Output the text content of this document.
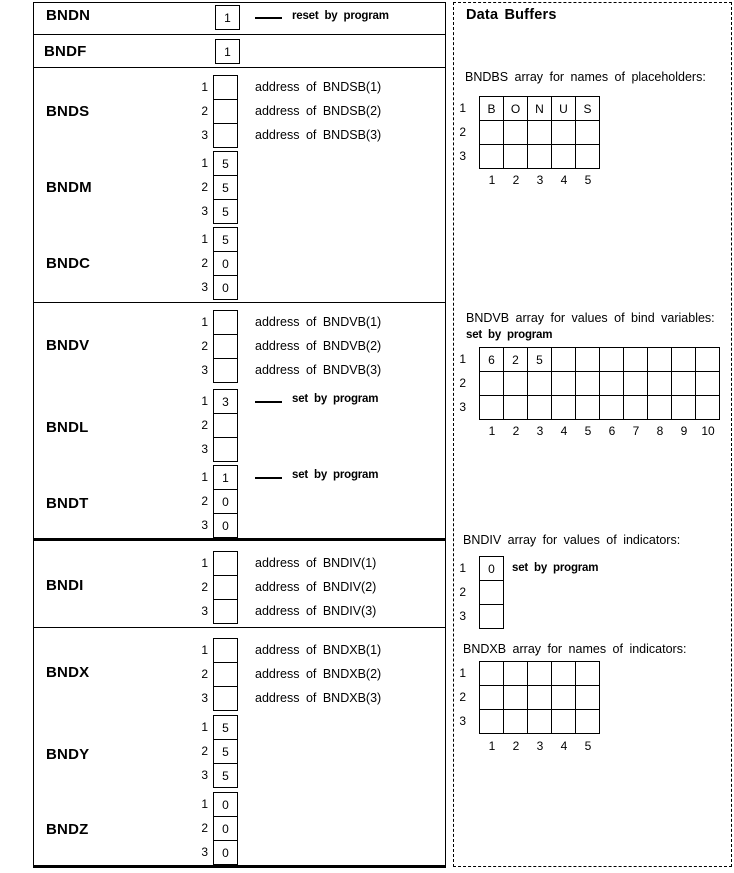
Data Buffers
BNDN	1	reset by program
BNDF	1
BNDS
1	address of BNDSB(1)
2	address of BNDSB(2)
3	address of BNDSB(3)
BNDM
1	5
2	5
3	5
BNDC
1	5
2	0
3	0
BNDV
1	address of BNDVB(1)
2	address of BNDVB(2)
3	address of BNDVB(3)
BNDL
1	3	set by program
2
3
BNDT
1	1	set by program
2	0
3	0
BNDI
1	address of BNDIV(1)
2	address of BNDIV(2)
3	address of BNDIV(3)
BNDX
1	address of BNDXB(1)
2	address of BNDXB(2)
3	address of BNDXB(3)
BNDY
1	5
2	5
3	5
BNDZ
1	0
2	0
3	0
BNDBS array for names of placeholders:
1	B	O	N	U	S
2
3
1	2	3	4	5
BNDVB array for values of bind variables:
set by program
1	6	2	5
2
3
1	2	3	4	5	6	7	8	9	10
BNDIV array for values of indicators:
set by program
1	0
2
3
BNDXB array for names of indicators:
1
2
3
1	2	3	4	5
